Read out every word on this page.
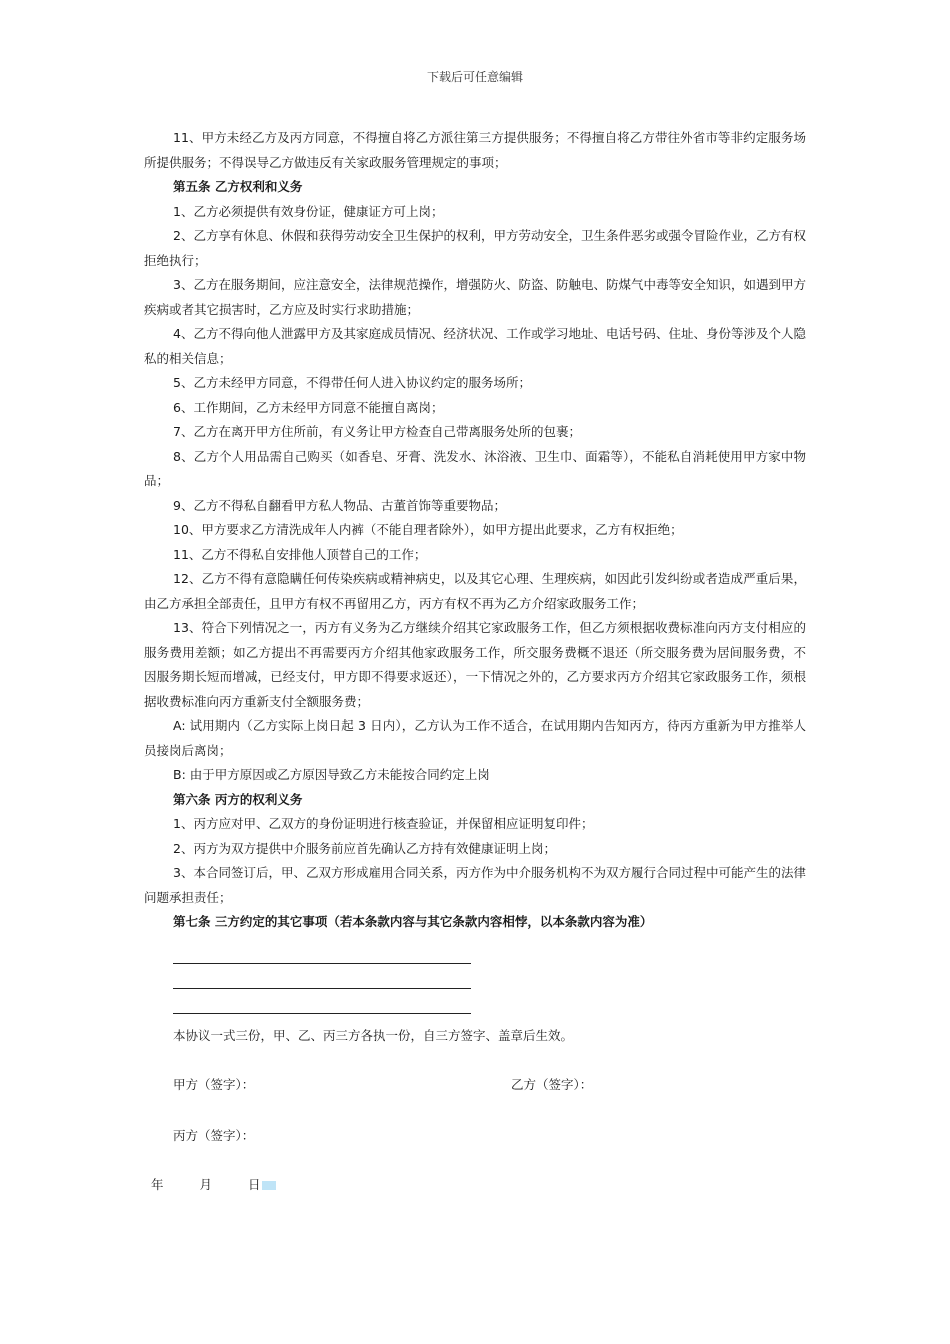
下载后可任意编辑

11、甲方未经乙方及丙方同意，不得擅自将乙方派往第三方提供服务；不得擅自将乙方带往外省市等非约定服务场所提供服务；不得误导乙方做违反有关家政服务管理规定的事项；

第五条 乙方权利和义务

1、乙方必须提供有效身份证，健康证方可上岗；

2、乙方享有休息、休假和获得劳动安全卫生保护的权利，甲方劳动安全，卫生条件恶劣或强令冒险作业，乙方有权拒绝执行；

3、乙方在服务期间，应注意安全，法律规范操作，增强防火、防盗、防触电、防煤气中毒等安全知识，如遇到甲方疾病或者其它损害时，乙方应及时实行求助措施；

4、乙方不得向他人泄露甲方及其家庭成员情况、经济状况、工作或学习地址、电话号码、住址、身份等涉及个人隐私的相关信息；

5、乙方未经甲方同意，不得带任何人进入协议约定的服务场所；

6、工作期间，乙方未经甲方同意不能擅自离岗；

7、乙方在离开甲方住所前，有义务让甲方检查自己带离服务处所的包裹；

8、乙方个人用品需自己购买（如香皂、牙膏、洗发水、沐浴液、卫生巾、面霜等），不能私自消耗使用甲方家中物品；

9、乙方不得私自翻看甲方私人物品、古董首饰等重要物品；

10、甲方要求乙方清洗成年人内裤（不能自理者除外），如甲方提出此要求，乙方有权拒绝；

11、乙方不得私自安排他人顶替自己的工作；

12、乙方不得有意隐瞒任何传染疾病或精神病史，以及其它心理、生理疾病，如因此引发纠纷或者造成严重后果，由乙方承担全部责任，且甲方有权不再留用乙方，丙方有权不再为乙方介绍家政服务工作；

13、符合下列情况之一，丙方有义务为乙方继续介绍其它家政服务工作，但乙方须根据收费标准向丙方支付相应的服务费用差额；如乙方提出不再需要丙方介绍其他家政服务工作，所交服务费概不退还（所交服务费为居间服务费，不因服务期长短而增减，已经支付，甲方即不得要求返还），一下情况之外的，乙方要求丙方介绍其它家政服务工作，须根据收费标准向丙方重新支付全额服务费；

A: 试用期内（乙方实际上岗日起 3 日内），乙方认为工作不适合，在试用期内告知丙方，待丙方重新为甲方推举人员接岗后离岗；

B: 由于甲方原因或乙方原因导致乙方未能按合同约定上岗

第六条 丙方的权利义务

1、丙方应对甲、乙双方的身份证明进行核查验证，并保留相应证明复印件；

2、丙方为双方提供中介服务前应首先确认乙方持有效健康证明上岗；

3、本合同签订后，甲、乙双方形成雇用合同关系，丙方作为中介服务机构不为双方履行合同过程中可能产生的法律问题承担责任；

第七条 三方约定的其它事项（若本条款内容与其它条款内容相悖，以本条款内容为准）

本协议一式三份，甲、乙、丙三方各执一份，自三方签字、盖章后生效。

甲方（签字）：	乙方（签字）：
丙方（签字）：
年	月	日
